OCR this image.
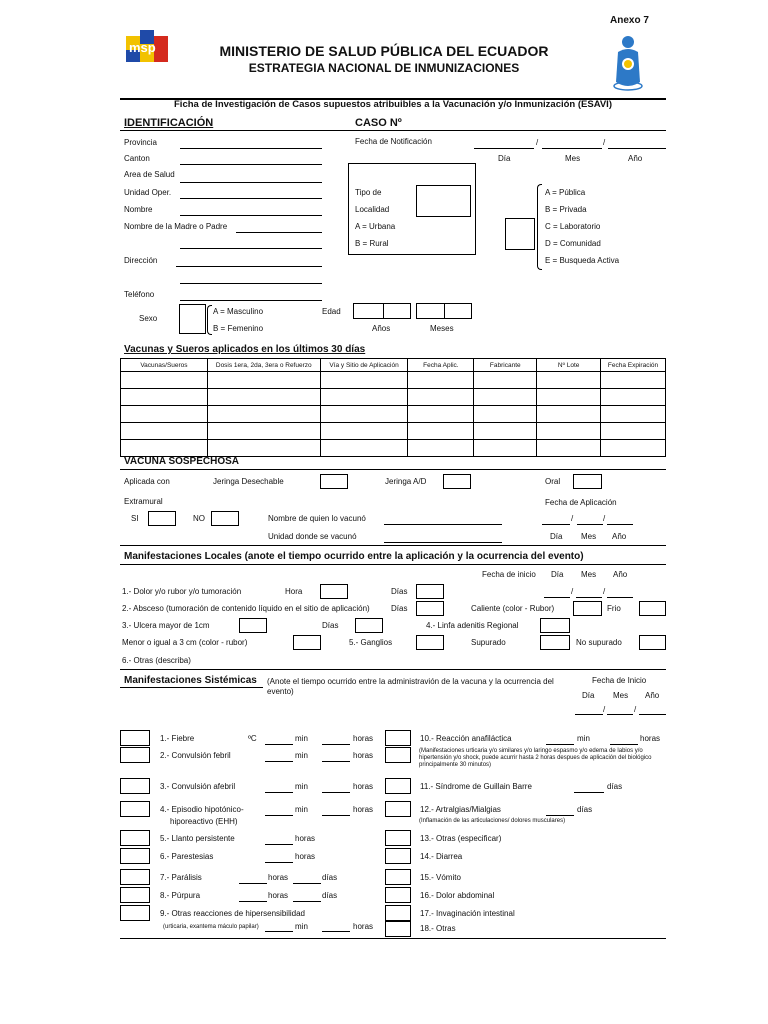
Anexo 7
msp	MINISTERIO DE SALUD PÚBLICA DEL ECUADOR
ESTRATEGIA NACIONAL DE INMUNIZACIONES
Ficha de Investigación de Casos supuestos atribuibles a la Vacunación y/o Inmunización (ESAVI)
IDENTIFICACIÓN	CASO Nº
Provincia
Canton
Area de Salud
Unidad Oper.
Nombre
Nombre de la Madre o Padre
Dirección
Teléfono
Fecha de Notificación	/	/
Día	Mes	Año
Tipo de
Localidad
A = Urbana
B = Rural
A = Pública
B = Privada
C = Laboratorio
D = Comunidad
E = Busqueda Activa
Sexo
A = Masculino
B = Femenino
Edad
Años	Meses
Vacunas y Sueros aplicados en los últimos 30 días
Vacunas/Sueros	Dosis 1era, 2da, 3era o Refuerzo	Vía y Sitio de Aplicación	Fecha Aplic.	Fabricante	Nº Lote	Fecha Expiración

VACUNA SOSPECHOSA
Aplicada con	Jeringa Desechable	Jeringa A/D	Oral
Extramural	Fecha de Aplicación
SI	NO	Nombre de quien lo vacunó	/	/
Unidad donde se vacunó	Día Mes Año
Manifestaciones Locales (anote el tiempo ocurrido entre la aplicación y la ocurrencia del evento)
Fecha de inicio Día Mes Año
1.- Dolor y/o rubor y/o tumoración	Hora	Días	/	/
2.- Absceso (tumoración de contenido líquido en el sitio de aplicación)	Días	Caliente (color - Rubor)	Frio
3.- Ulcera mayor de 1cm	Días	4.- Linfa adenitis Regional
Menor o igual a 3 cm (color - rubor)	5.- Ganglios	Supurado	No supurado
6.- Otras (describa)
Manifestaciones Sistémicas (Anote el tiempo ocurrido entre la administravión de la vacuna y la ocurrencia del evento)
Fecha de Inicio
Día Mes Año
/	/
1.- Fiebre	ºC	min	horas
2.- Convulsión febril	min	horas
3.- Convulsión afebril	min	horas
4.- Episodio hipotónico-
hiporeactivo (EHH)
min	horas
5.- Llanto persistente	horas
6.- Parestesias	horas
7.- Parálisis	horas	días
8.- Púrpura	horas	días
9.- Otras reacciones de hipersensibilidad
(urticaria, exantema máculo papilar)	min	horas
10.- Reacción anafiláctica	min	horas
(Manifestaciones urticaria y/o similares y/o laringo espasmo y/o edema de labios y/o hipertensión y/o shock, puede acurrir hasta 2 horas despues de aplicación del biológico principalmente 30 minutos)
11.- Síndrome de Guillain Barre	días
12.- Artralgias/Mialgias	días
(Inflamación de las articulaciones/ dolores musculares)
13.- Otras (especificar)
14.- Diarrea
15.- Vómito
16.- Dolor abdominal
17.- Invaginación intestinal
18.- Otras
